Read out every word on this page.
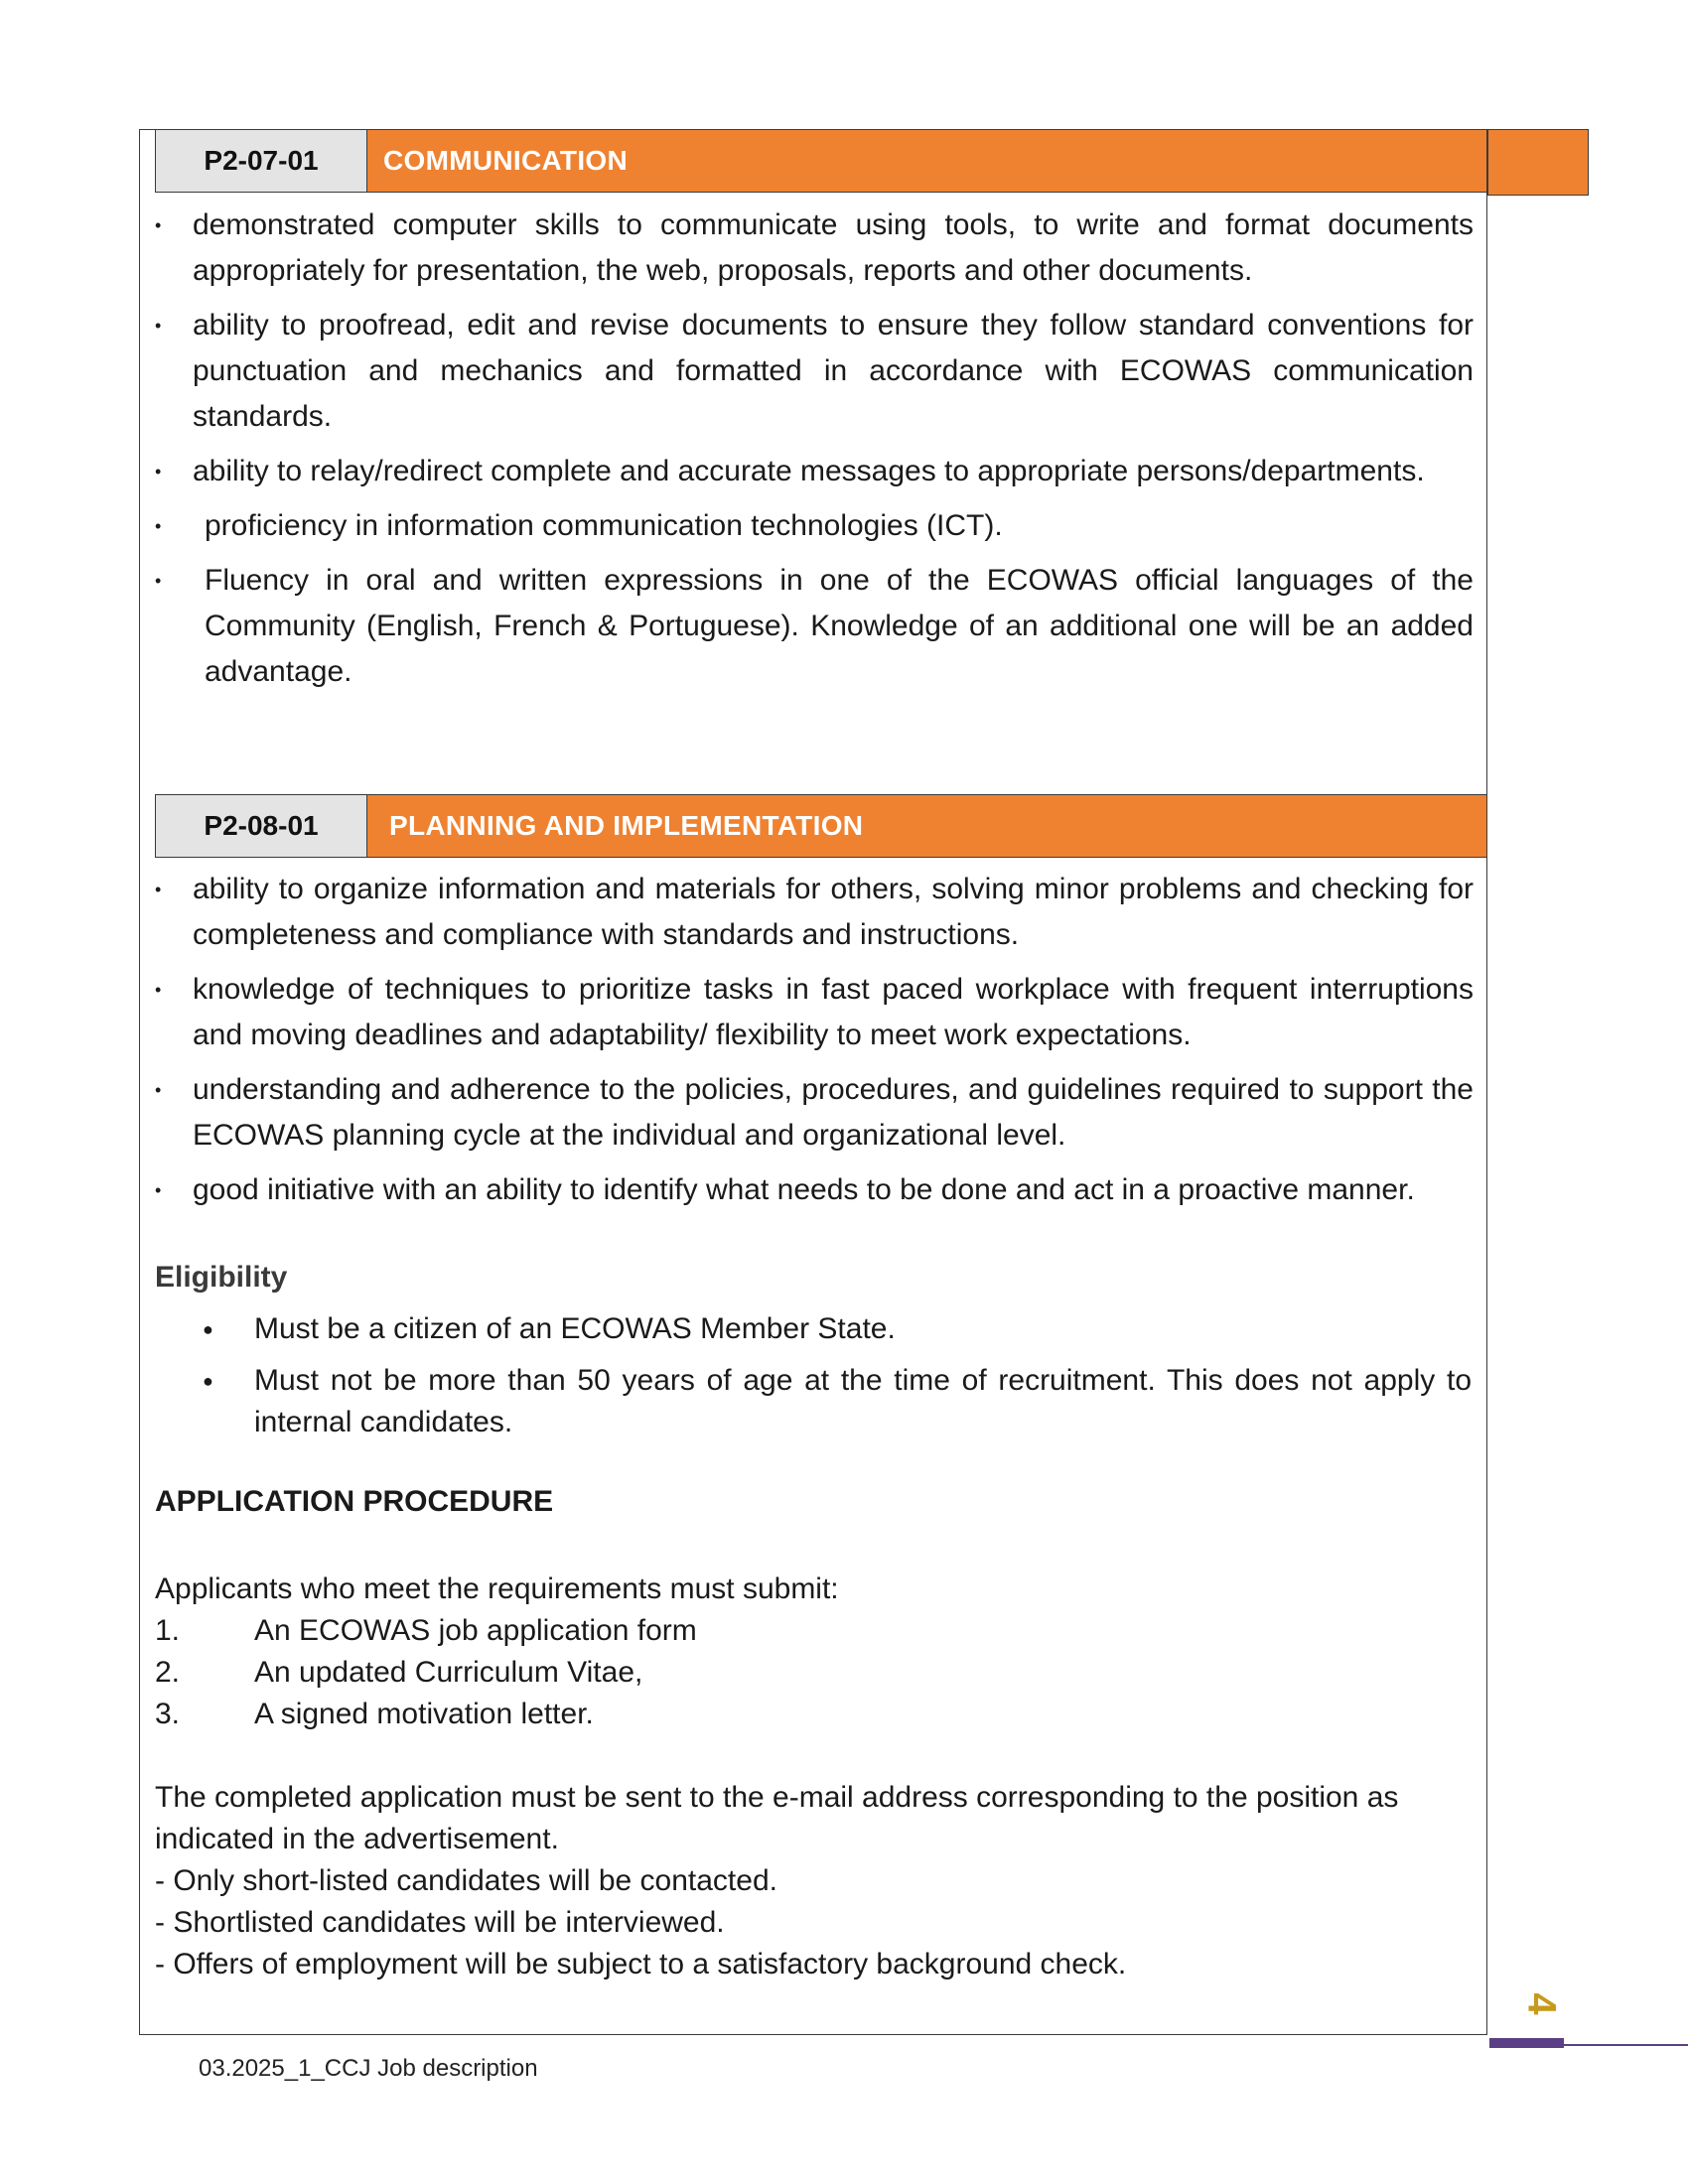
P2-07-01	COMMUNICATION
• demonstrated computer skills to communicate using tools, to write and format documents appropriately for presentation, the web, proposals, reports and other documents.
• ability to proofread, edit and revise documents to ensure they follow standard conventions for punctuation and mechanics and formatted in accordance with ECOWAS communication standards.
• ability to relay/redirect complete and accurate messages to appropriate persons/departments.
• proficiency in information communication technologies (ICT).
• Fluency in oral and written expressions in one of the ECOWAS official languages of the Community (English, French & Portuguese). Knowledge of an additional one will be an added advantage.
P2-08-01	PLANNING AND IMPLEMENTATION
• ability to organize information and materials for others, solving minor problems and checking for completeness and compliance with standards and instructions.
• knowledge of techniques to prioritize tasks in fast paced workplace with frequent interruptions and moving deadlines and adaptability/ flexibility to meet work expectations.
• understanding and adherence to the policies, procedures, and guidelines required to support the ECOWAS planning cycle at the individual and organizational level.
• good initiative with an ability to identify what needs to be done and act in a proactive manner.
Eligibility
● Must be a citizen of an ECOWAS Member State.
● Must not be more than 50 years of age at the time of recruitment. This does not apply to internal candidates.
APPLICATION PROCEDURE
Applicants who meet the requirements must submit:
1.	An ECOWAS job application form
2.	An updated Curriculum Vitae,
3.	A signed motivation letter.
The completed application must be sent to the e-mail address corresponding to the position as indicated in the advertisement.
- Only short-listed candidates will be contacted.
- Shortlisted candidates will be interviewed.
- Offers of employment will be subject to a satisfactory background check.
4
03.2025_1_CCJ Job description
